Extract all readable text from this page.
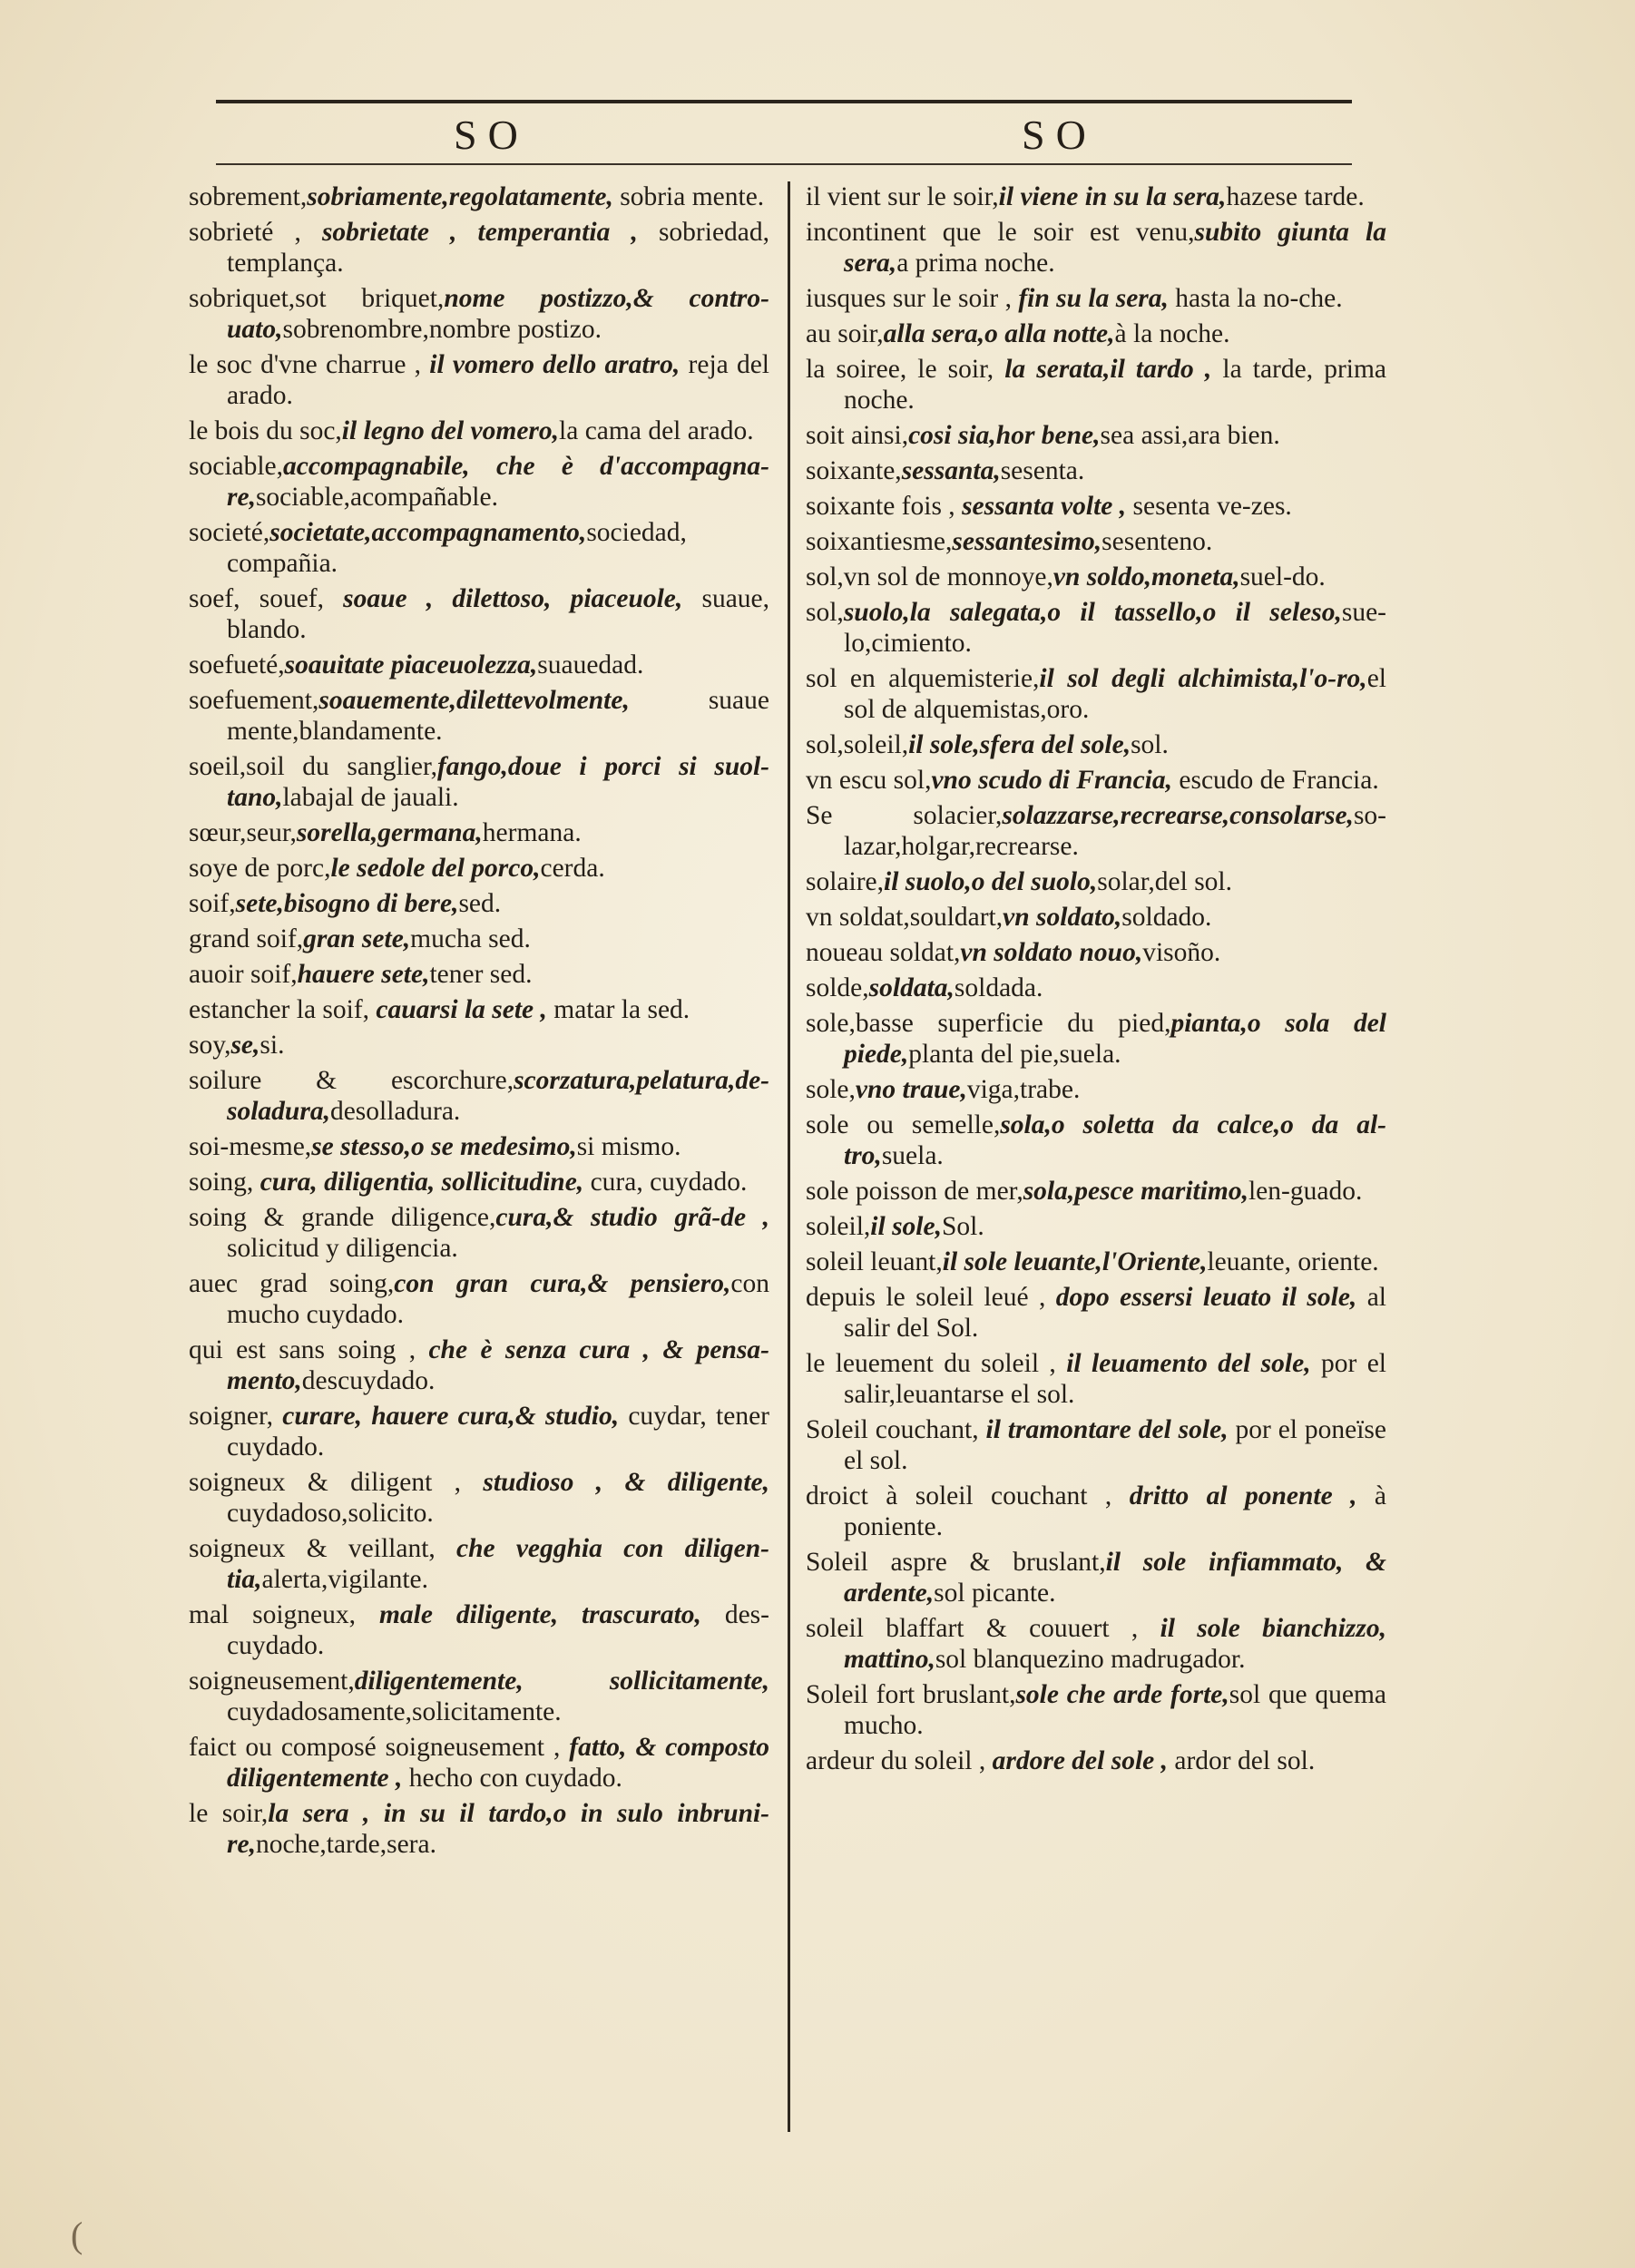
SO	SO

sobrement,sobriamente,regolatamente, sobria mente.

sobrieté , sobrietate , temperantia , sobriedad, templança.

sobriquet,sot briquet,nome postizzo,& contro-uato,sobrenombre,nombre postizo.

le soc d'vne charrue , il vomero dello aratro, reja del arado.

le bois du soc,il legno del vomero,la cama del arado.

sociable,accompagnabile, che è d'accompagna-re,sociable,acompañable.

societé,societate,accompagnamento,sociedad, compañia.

soef, souef, soaue , dilettoso, piaceuole, suaue, blando.

soefueté,soauitate piaceuolezza,suauedad.

soefuement,soauemente,dilettevolmente, suaue mente,blandamente.

soeil,soil du sanglier,fango,doue i porci si suol-tano,labajal de jauali.

sœur,seur,sorella,germana,hermana.

soye de porc,le sedole del porco,cerda.

soif,sete,bisogno di bere,sed.

grand soif,gran sete,mucha sed.

auoir soif,hauere sete,tener sed.

estancher la soif, cauarsi la sete , matar la sed.

soy,se,si.

soilure & escorchure,scorzatura,pelatura,de-soladura,desolladura.

soi-mesme,se stesso,o se medesimo,si mismo.

soing, cura, diligentia, sollicitudine, cura, cuydado.

soing & grande diligence,cura,& studio grã-de , solicitud y diligencia.

auec grad soing,con gran cura,& pensiero,con mucho cuydado.

qui est sans soing , che è senza cura , & pensa-mento,descuydado.

soigner, curare, hauere cura,& studio, cuydar, tener cuydado.

soigneux & diligent , studioso , & diligente, cuydadoso,solicito.

soigneux & veillant, che vegghia con diligen-tia,alerta,vigilante.

mal soigneux, male diligente, trascurato, des-cuydado.

soigneusement,diligentemente, sollicitamente, cuydadosamente,solicitamente.

faict ou composé soigneusement , fatto, & composto diligentemente , hecho con cuydado.

le soir,la sera , in su il tardo,o in sulo inbruni-re,noche,tarde,sera.

il vient sur le soir,il viene in su la sera,hazese tarde.

incontinent que le soir est venu,subito giunta la sera,a prima noche.

iusques sur le soir , fin su la sera, hasta la no-che.

au soir,alla sera,o alla notte,à la noche.

la soiree, le soir, la serata,il tardo , la tarde, prima noche.

soit ainsi,cosi sia,hor bene,sea assi,ara bien.

soixante,sessanta,sesenta.

soixante fois , sessanta volte , sesenta ve-zes.

soixantiesme,sessantesimo,sesenteno.

sol,vn sol de monnoye,vn soldo,moneta,suel-do.

sol,suolo,la salegata,o il tassello,o il seleso,sue-lo,cimiento.

sol en alquemisterie,il sol degli alchimista,l'o-ro,el sol de alquemistas,oro.

sol,soleil,il sole,sfera del sole,sol.

vn escu sol,vno scudo di Francia, escudo de Francia.

Se solacier,solazzarse,recrearse,consolarse,so-lazar,holgar,recrearse.

solaire,il suolo,o del suolo,solar,del sol.

vn soldat,souldart,vn soldato,soldado.

noueau soldat,vn soldato nouo,visoño.

solde,soldata,soldada.

sole,basse superficie du pied,pianta,o sola del piede,planta del pie,suela.

sole,vno traue,viga,trabe.

sole ou semelle,sola,o soletta da calce,o da al-tro,suela.

sole poisson de mer,sola,pesce maritimo,len-guado.

soleil,il sole,Sol.

soleil leuant,il sole leuante,l'Oriente,leuante, oriente.

depuis le soleil leué , dopo essersi leuato il sole, al salir del Sol.

le leuement du soleil , il leuamento del sole, por el salir,leuantarse el sol.

Soleil couchant, il tramontare del sole, por el poneïse el sol.

droict à soleil couchant , dritto al ponente , à poniente.

Soleil aspre & bruslant,il sole infiammato, & ardente,sol picante.

soleil blaffart & couuert , il sole bianchizzo, mattino,sol blanquezino madrugador.

Soleil fort bruslant,sole che arde forte,sol que quema mucho.

ardeur du soleil , ardore del sole , ardor del sol.

(
